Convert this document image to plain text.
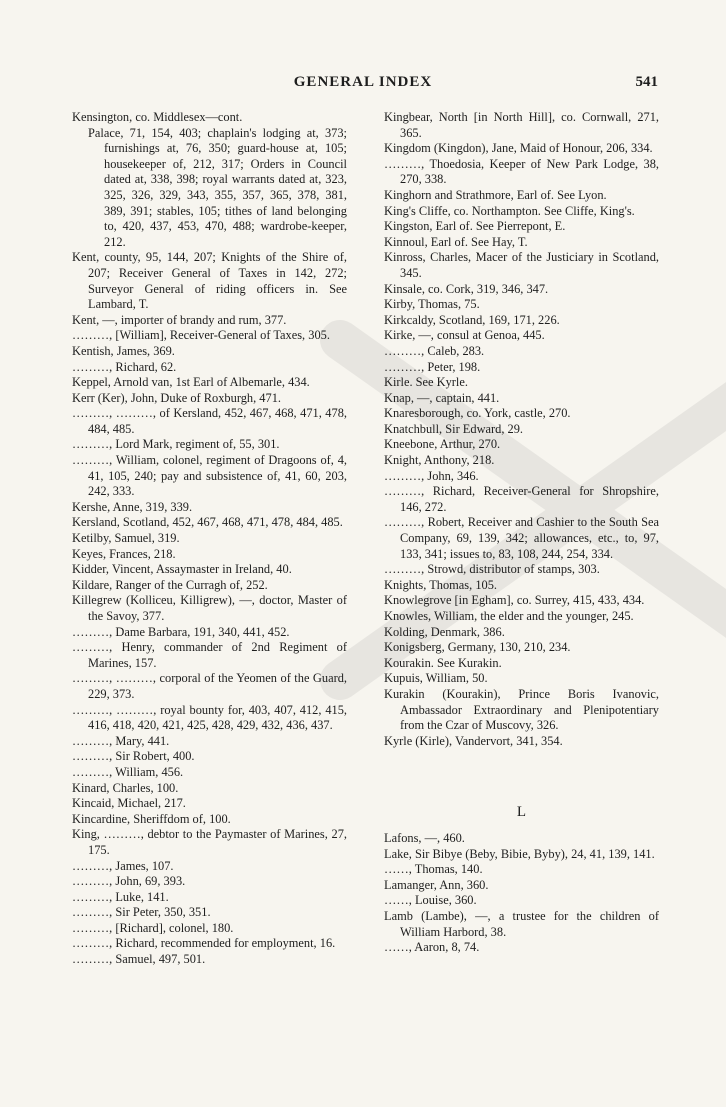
GENERAL INDEX	541

Kensington, co. Middlesex—cont.

Palace, 71, 154, 403; chaplain's lodging at, 373; furnishings at, 76, 350; guard-house at, 105; housekeeper of, 212, 317; Orders in Council dated at, 338, 398; royal warrants dated at, 323, 325, 326, 329, 343, 355, 357, 365, 378, 381, 389, 391; stables, 105; tithes of land belonging to, 420, 437, 453, 470, 488; wardrobe-keeper, 212.

Kent, county, 95, 144, 207; Knights of the Shire of, 207; Receiver General of Taxes in 142, 272; Surveyor General of riding officers in. See Lambard, T.

Kent, —, importer of brandy and rum, 377.

………, [William], Receiver-General of Taxes, 305.

Kentish, James, 369.

………, Richard, 62.

Keppel, Arnold van, 1st Earl of Albemarle, 434.

Kerr (Ker), John, Duke of Roxburgh, 471.

………, ………, of Kersland, 452, 467, 468, 471, 478, 484, 485.

………, Lord Mark, regiment of, 55, 301.

………, William, colonel, regiment of Dragoons of, 4, 41, 105, 240; pay and subsistence of, 41, 60, 203, 242, 333.

Kershe, Anne, 319, 339.

Kersland, Scotland, 452, 467, 468, 471, 478, 484, 485.

Ketilby, Samuel, 319.

Keyes, Frances, 218.

Kidder, Vincent, Assaymaster in Ireland, 40.

Kildare, Ranger of the Curragh of, 252.

Killegrew (Kolliceu, Killigrew), —, doctor, Master of the Savoy, 377.

………, Dame Barbara, 191, 340, 441, 452.

………, Henry, commander of 2nd Regiment of Marines, 157.

………, ………, corporal of the Yeomen of the Guard, 229, 373.

………, ………, royal bounty for, 403, 407, 412, 415, 416, 418, 420, 421, 425, 428, 429, 432, 436, 437.

………, Mary, 441.

………, Sir Robert, 400.

………, William, 456.

Kinard, Charles, 100.

Kincaid, Michael, 217.

Kincardine, Sheriffdom of, 100.

King, ………, debtor to the Paymaster of Marines, 27, 175.

………, James, 107.

………, John, 69, 393.

………, Luke, 141.

………, Sir Peter, 350, 351.

………, [Richard], colonel, 180.

………, Richard, recommended for employment, 16.

………, Samuel, 497, 501.

Kingbear, North [in North Hill], co. Cornwall, 271, 365.

Kingdom (Kingdon), Jane, Maid of Honour, 206, 334.

………, Thoedosia, Keeper of New Park Lodge, 38, 270, 338.

Kinghorn and Strathmore, Earl of. See Lyon.

King's Cliffe, co. Northampton. See Cliffe, King's.

Kingston, Earl of. See Pierrepont, E.

Kinnoul, Earl of. See Hay, T.

Kinross, Charles, Macer of the Justiciary in Scotland, 345.

Kinsale, co. Cork, 319, 346, 347.

Kirby, Thomas, 75.

Kirkcaldy, Scotland, 169, 171, 226.

Kirke, —, consul at Genoa, 445.

………, Caleb, 283.

………, Peter, 198.

Kirle. See Kyrle.

Knap, —, captain, 441.

Knaresborough, co. York, castle, 270.

Knatchbull, Sir Edward, 29.

Kneebone, Arthur, 270.

Knight, Anthony, 218.

………, John, 346.

………, Richard, Receiver-General for Shropshire, 146, 272.

………, Robert, Receiver and Cashier to the South Sea Company, 69, 139, 342; allowances, etc., to, 97, 133, 341; issues to, 83, 108, 244, 254, 334.

………, Strowd, distributor of stamps, 303.

Knights, Thomas, 105.

Knowlegrove [in Egham], co. Surrey, 415, 433, 434.

Knowles, William, the elder and the younger, 245.

Kolding, Denmark, 386.

Konigsberg, Germany, 130, 210, 234.

Kourakin. See Kurakin.

Kupuis, William, 50.

Kurakin (Kourakin), Prince Boris Ivanovic, Ambassador Extraordinary and Plenipotentiary from the Czar of Muscovy, 326.

Kyrle (Kirle), Vandervort, 341, 354.

L

Lafons, —, 460.

Lake, Sir Bibye (Beby, Bibie, Byby), 24, 41, 139, 141.

……, Thomas, 140.

Lamanger, Ann, 360.

……, Louise, 360.

Lamb (Lambe), —, a trustee for the children of William Harbord, 38.

……, Aaron, 8, 74.
